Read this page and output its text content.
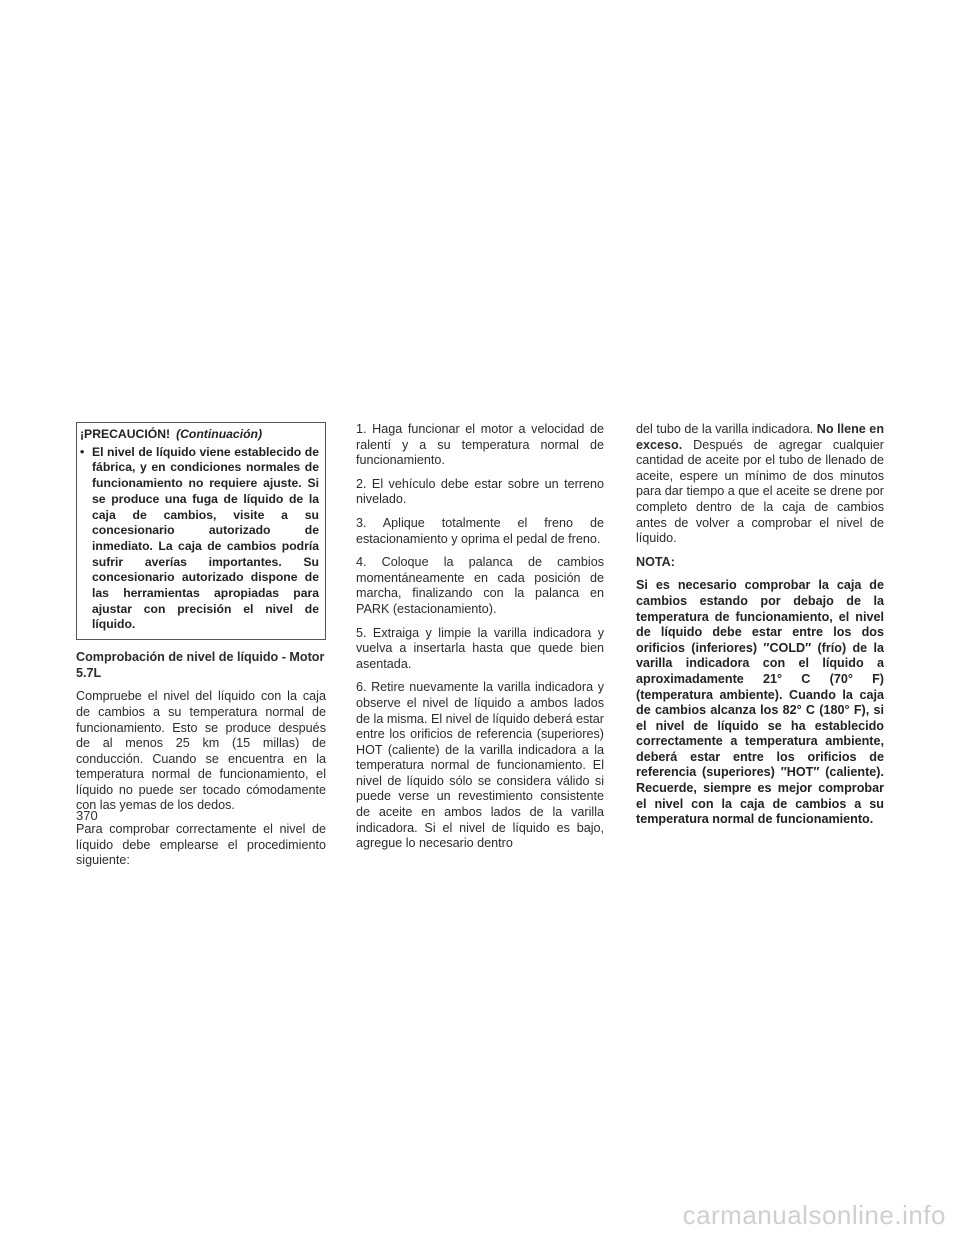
¡PRECAUCIÓN! (Continuación)
• El nivel de líquido viene establecido de fábrica, y en condiciones normales de funcionamiento no requiere ajuste. Si se produce una fuga de líquido de la caja de cambios, visite a su concesionario autorizado de inmediato. La caja de cambios podría sufrir averías importantes. Su concesionario autorizado dispone de las herramientas apropiadas para ajustar con precisión el nivel de líquido.

Comprobación de nivel de líquido - Motor 5.7L

Compruebe el nivel del líquido con la caja de cambios a su temperatura normal de funcionamiento. Esto se produce después de al menos 25 km (15 millas) de conducción. Cuando se encuentra en la temperatura normal de funcionamiento, el líquido no puede ser tocado cómodamente con las yemas de los dedos.

Para comprobar correctamente el nivel de líquido debe emplearse el procedimiento siguiente:

1. Haga funcionar el motor a velocidad de ralentí y a su temperatura normal de funcionamiento.

2. El vehículo debe estar sobre un terreno nivelado.

3. Aplique totalmente el freno de estacionamiento y oprima el pedal de freno.

4. Coloque la palanca de cambios momentáneamente en cada posición de marcha, finalizando con la palanca en PARK (estacionamiento).

5. Extraiga y limpie la varilla indicadora y vuelva a insertarla hasta que quede bien asentada.

6. Retire nuevamente la varilla indicadora y observe el nivel de líquido a ambos lados de la misma. El nivel de líquido deberá estar entre los orificios de referencia (superiores) HOT (caliente) de la varilla indicadora a la temperatura normal de funcionamiento. El nivel de líquido sólo se considera válido si puede verse un revestimiento consistente de aceite en ambos lados de la varilla indicadora. Si el nivel de líquido es bajo, agregue lo necesario dentro

del tubo de la varilla indicadora. No llene en exceso. Después de agregar cualquier cantidad de aceite por el tubo de llenado de aceite, espere un mínimo de dos minutos para dar tiempo a que el aceite se drene por completo dentro de la caja de cambios antes de volver a comprobar el nivel de líquido.

NOTA:

Si es necesario comprobar la caja de cambios estando por debajo de la temperatura de funcionamiento, el nivel de líquido debe estar entre los dos orificios (inferiores) ″COLD″ (frío) de la varilla indicadora con el líquido a aproximadamente 21° C (70° F) (temperatura ambiente). Cuando la caja de cambios alcanza los 82° C (180° F), si el nivel de líquido se ha establecido correctamente a temperatura ambiente, deberá estar entre los orificios de referencia (superiores) ″HOT″ (caliente). Recuerde, siempre es mejor comprobar el nivel con la caja de cambios a su temperatura normal de funcionamiento.

370
carmanualsonline.info
